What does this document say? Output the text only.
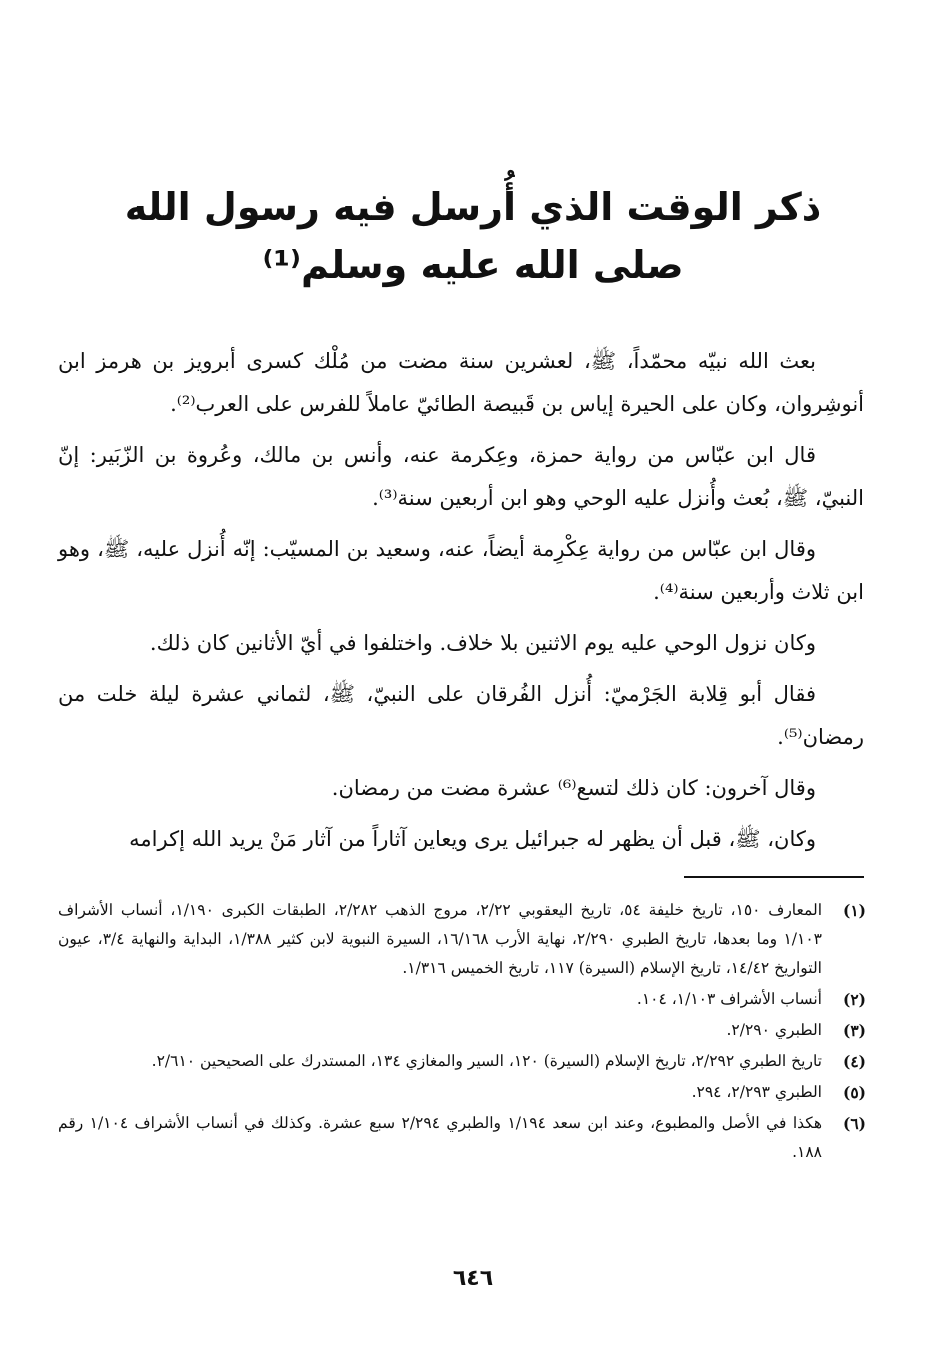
ذكر الوقت الذي أُرسل فيه رسول الله
صلى الله عليه وسلم⁽¹⁾

بعث الله نبيّه محمّداً، ﷺ، لعشرين سنة مضت من مُلْك كسرى أبرويز بن هرمز ابن أنوشِروان، وكان على الحيرة إياس بن قَبيصة الطائيّ عاملاً للفرس على العرب⁽²⁾.

قال ابن عبّاس من رواية حمزة، وعِكرمة عنه، وأنس بن مالك، وعُروة بن الزّبَير: إنّ النبيّ، ﷺ، بُعث وأُنزل عليه الوحي وهو ابن أربعين سنة⁽³⁾.

وقال ابن عبّاس من رواية عِكْرِمة أيضاً، عنه، وسعيد بن المسيّب: إنّه أُنزل عليه، ﷺ، وهو ابن ثلاث وأربعين سنة⁽⁴⁾.

وكان نزول الوحي عليه يوم الاثنين بلا خلاف. واختلفوا في أيّ الأثانين كان ذلك.

فقال أبو قِلابة الجَرْميّ: أُنزل الفُرقان على النبيّ، ﷺ، لثماني عشرة ليلة خلت من رمضان⁽⁵⁾.

وقال آخرون: كان ذلك لتسع⁽⁶⁾ عشرة مضت من رمضان.

وكان، ﷺ، قبل أن يظهر له جبرائيل يرى ويعاين آثاراً من آثار مَنْ يريد الله إكرامه

(١)
المعارف ١٥٠، تاريخ خليفة ٥٤، تاريخ اليعقوبي ٢/٢٢، مروج الذهب ٢/٢٨٢، الطبقات الكبرى ١/١٩٠، أنساب الأشراف ١/١٠٣ وما بعدها، تاريخ الطبري ٢/٢٩٠، نهاية الأرب ١٦/١٦٨، السيرة النبوية لابن كثير ١/٣٨٨، البداية والنهاية ٣/٤، عيون التواريخ ١٤/٤٢، تاريخ الإسلام (السيرة) ١١٧، تاريخ الخميس ١/٣١٦.
(٢)
أنساب الأشراف ١/١٠٣، ١٠٤.
(٣)
الطبري ٢/٢٩٠.
(٤)
تاريخ الطبري ٢/٢٩٢، تاريخ الإسلام (السيرة) ١٢٠، السير والمغازي ١٣٤، المستدرك على الصحيحين ٢/٦١٠.
(٥)
الطبري ٢/٢٩٣، ٢٩٤.
(٦)
هكذا في الأصل والمطبوع، وعند ابن سعد ١/١٩٤ والطبري ٢/٢٩٤ سبع عشرة. وكذلك في أنساب الأشراف ١/١٠٤ رقم ١٨٨.
٦٤٦
